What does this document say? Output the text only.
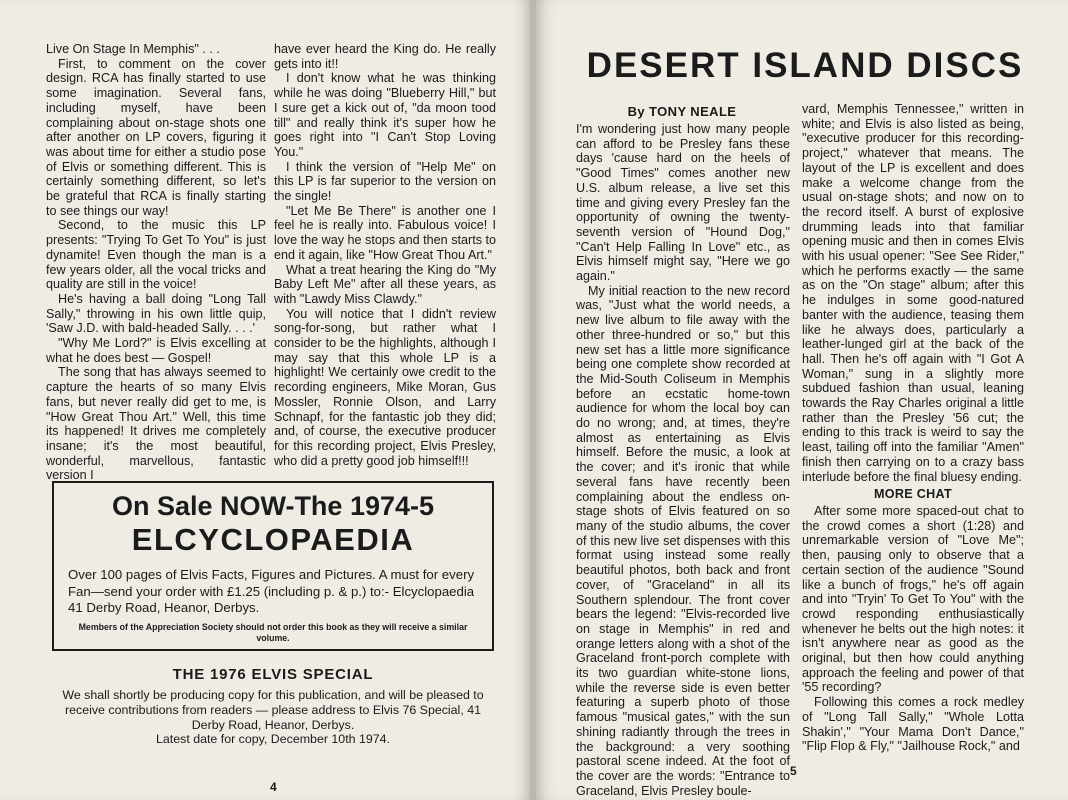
Live On Stage In Memphis" . . .

First, to comment on the cover design. RCA has finally started to use some imagination. Several fans, including myself, have been complaining about on-stage shots one after another on LP covers, figuring it was about time for either a studio pose of Elvis or something different. This is certainly something different, so let's be grateful that RCA is finally starting to see things our way!

Second, to the music this LP presents: "Trying To Get To You" is just dynamite! Even though the man is a few years older, all the vocal tricks and quality are still in the voice!

He's having a ball doing "Long Tall Sally," throwing in his own little quip, 'Saw J.D. with bald-headed Sally. . . .'

"Why Me Lord?" is Elvis excelling at what he does best — Gospel!

The song that has always seemed to capture the hearts of so many Elvis fans, but never really did get to me, is "How Great Thou Art." Well, this time its happened! It drives me completely insane; it's the most beautiful, wonderful, marvellous, fantastic version I

have ever heard the King do. He really gets into it!!

I don't know what he was thinking while he was doing "Blueberry Hill," but I sure get a kick out of, "da moon tood till" and really think it's super how he goes right into "I Can't Stop Loving You."

I think the version of "Help Me" on this LP is far superior to the version on the single!

"Let Me Be There" is another one I feel he is really into. Fabulous voice! I love the way he stops and then starts to end it again, like "How Great Thou Art."

What a treat hearing the King do "My Baby Left Me" after all these years, as with "Lawdy Miss Clawdy."

You will notice that I didn't review song-for-song, but rather what I consider to be the highlights, although I may say that this whole LP is a highlight! We certainly owe credit to the recording engineers, Mike Moran, Gus Mossler, Ronnie Olson, and Larry Schnapf, for the fantastic job they did; and, of course, the executive producer for this recording project, Elvis Presley, who did a pretty good job himself!!!

On Sale NOW-The 1974-5
ELCYCLOPAEDIA
Over 100 pages of Elvis Facts, Figures and Pictures. A must for every Fan—send your order with £1.25 (including p. & p.) to:- Elcyclopaedia 41 Derby Road, Heanor, Derbys.
Members of the Appreciation Society should not order this book as they will receive a similar volume.
THE 1976 ELVIS SPECIAL
We shall shortly be producing copy for this publication, and will be pleased to receive contributions from readers — please address to Elvis 76 Special, 41 Derby Road, Heanor, Derbys.
Latest date for copy, December 10th 1974.
4
DESERT ISLAND DISCS
By TONY NEALE

I'm wondering just how many people can afford to be Presley fans these days 'cause hard on the heels of "Good Times" comes another new U.S. album release, a live set this time and giving every Presley fan the opportunity of owning the twenty-seventh version of "Hound Dog," "Can't Help Falling In Love" etc., as Elvis himself might say, "Here we go again."

My initial reaction to the new record was, "Just what the world needs, a new live album to file away with the other three-hundred or so," but this new set has a little more significance being one complete show recorded at the Mid-South Coliseum in Memphis before an ecstatic home-town audience for whom the local boy can do no wrong; and, at times, they're almost as entertaining as Elvis himself. Before the music, a look at the cover; and it's ironic that while several fans have recently been complaining about the endless on-stage shots of Elvis featured on so many of the studio albums, the cover of this new live set dispenses with this format using instead some really beautiful photos, both back and front cover, of "Graceland" in all its Southern splendour. The front cover bears the legend: "Elvis-recorded live on stage in Memphis" in red and orange letters along with a shot of the Graceland front-porch complete with its two guardian white-stone lions, while the reverse side is even better featuring a superb photo of those famous "musical gates," with the sun shining radiantly through the trees in the background: a very soothing pastoral scene indeed. At the foot of the cover are the words: "Entrance to Graceland, Elvis Presley boule-

vard, Memphis Tennessee," written in white; and Elvis is also listed as being, "executive producer for this recording-project," whatever that means. The layout of the LP is excellent and does make a welcome change from the usual on-stage shots; and now on to the record itself. A burst of explosive drumming leads into that familiar opening music and then in comes Elvis with his usual opener: "See See Rider," which he performs exactly — the same as on the "On stage" album; after this he indulges in some good-natured banter with the audience, teasing them like he always does, particularly a leather-lunged girl at the back of the hall. Then he's off again with "I Got A Woman," sung in a slightly more subdued fashion than usual, leaning towards the Ray Charles original a little rather than the Presley '56 cut; the ending to this track is weird to say the least, tailing off into the familiar "Amen" finish then carrying on to a crazy bass interlude before the final bluesy ending.

MORE CHAT

After some more spaced-out chat to the crowd comes a short (1:28) and unremarkable version of "Love Me"; then, pausing only to observe that a certain section of the audience "Sound like a bunch of frogs," he's off again and into "Tryin' To Get To You" with the crowd responding enthusiastically whenever he belts out the high notes: it isn't anywhere near as good as the original, but then how could anything approach the feeling and power of that '55 recording?

Following this comes a rock medley of "Long Tall Sally," "Whole Lotta Shakin'," "Your Mama Don't Dance," "Flip Flop & Fly," "Jailhouse Rock," and

5
